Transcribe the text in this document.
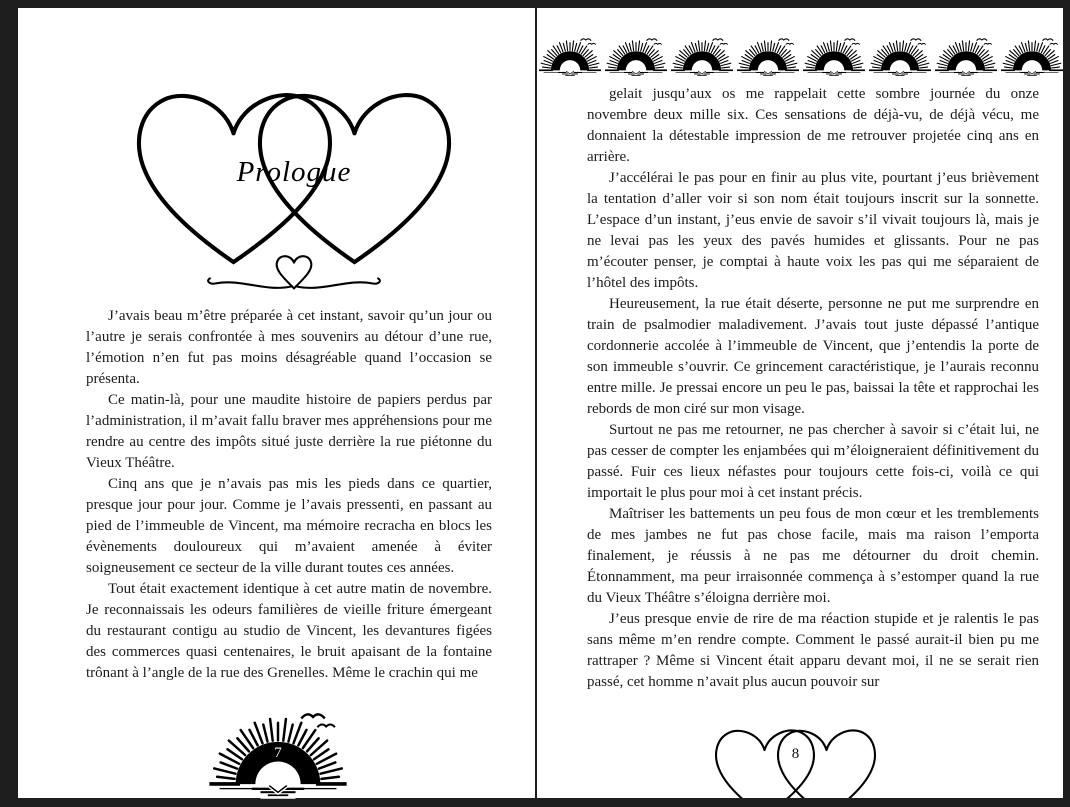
Prologue

J’avais beau m’être préparée à cet instant, savoir qu’un jour ou l’autre je serais confrontée à mes souvenirs au détour d’une rue, l’émotion n’en fut pas moins désagréable quand l’occasion se présenta.

Ce matin-là, pour une maudite histoire de papiers perdus par l’administration, il m’avait fallu braver mes appréhensions pour me rendre au centre des impôts situé juste derrière la rue piétonne du Vieux Théâtre.

Cinq ans que je n’avais pas mis les pieds dans ce quartier, presque jour pour jour. Comme je l’avais pressenti, en passant au pied de l’immeuble de Vincent, ma mémoire recracha en blocs les évènements douloureux qui m’avaient amenée à éviter soigneusement ce secteur de la ville durant toutes ces années.

Tout était exactement identique à cet autre matin de novembre. Je reconnaissais les odeurs familières de vieille friture émergeant du restaurant contigu au studio de Vincent, les devantures figées des commerces quasi centenaires, le bruit apaisant de la fontaine trônant à l’angle de la rue des Grenelles. Même le crachin qui me

7

gelait jusqu’aux os me rappelait cette sombre journée du onze novembre deux mille six. Ces sensations de déjà-vu, de déjà vécu, me donnaient la détestable impression de me retrouver projetée cinq ans en arrière.

J’accélérai le pas pour en finir au plus vite, pourtant j’eus brièvement la tentation d’aller voir si son nom était toujours inscrit sur la sonnette. L’espace d’un instant, j’eus envie de savoir s’il vivait toujours là, mais je ne levai pas les yeux des pavés humides et glissants. Pour ne pas m’écouter penser, je comptai à haute voix les pas qui me séparaient de l’hôtel des impôts.

Heureusement, la rue était déserte, personne ne put me surprendre en train de psalmodier maladivement. J’avais tout juste dépassé l’antique cordonnerie accolée à l’immeuble de Vincent, que j’entendis la porte de son immeuble s’ouvrir. Ce grincement caractéristique, je l’aurais reconnu entre mille. Je pressai encore un peu le pas, baissai la tête et rapprochai les rebords de mon ciré sur mon visage.

Surtout ne pas me retourner, ne pas chercher à savoir si c’était lui, ne pas cesser de compter les enjambées qui m’éloigneraient définitivement du passé. Fuir ces lieux néfastes pour toujours cette fois-ci, voilà ce qui importait le plus pour moi à cet instant précis.

Maîtriser les battements un peu fous de mon cœur et les tremblements de mes jambes ne fut pas chose facile, mais ma raison l’emporta finalement, je réussis à ne pas me détourner du droit chemin. Étonnamment, ma peur irraisonnée commença à s’estomper quand la rue du Vieux Théâtre s’éloigna derrière moi.

J’eus presque envie de rire de ma réaction stupide et je ralentis le pas sans même m’en rendre compte. Comment le passé aurait-il bien pu me rattraper ? Même si Vincent était apparu devant moi, il ne se serait rien passé, cet homme n’avait plus aucun pouvoir sur

8
